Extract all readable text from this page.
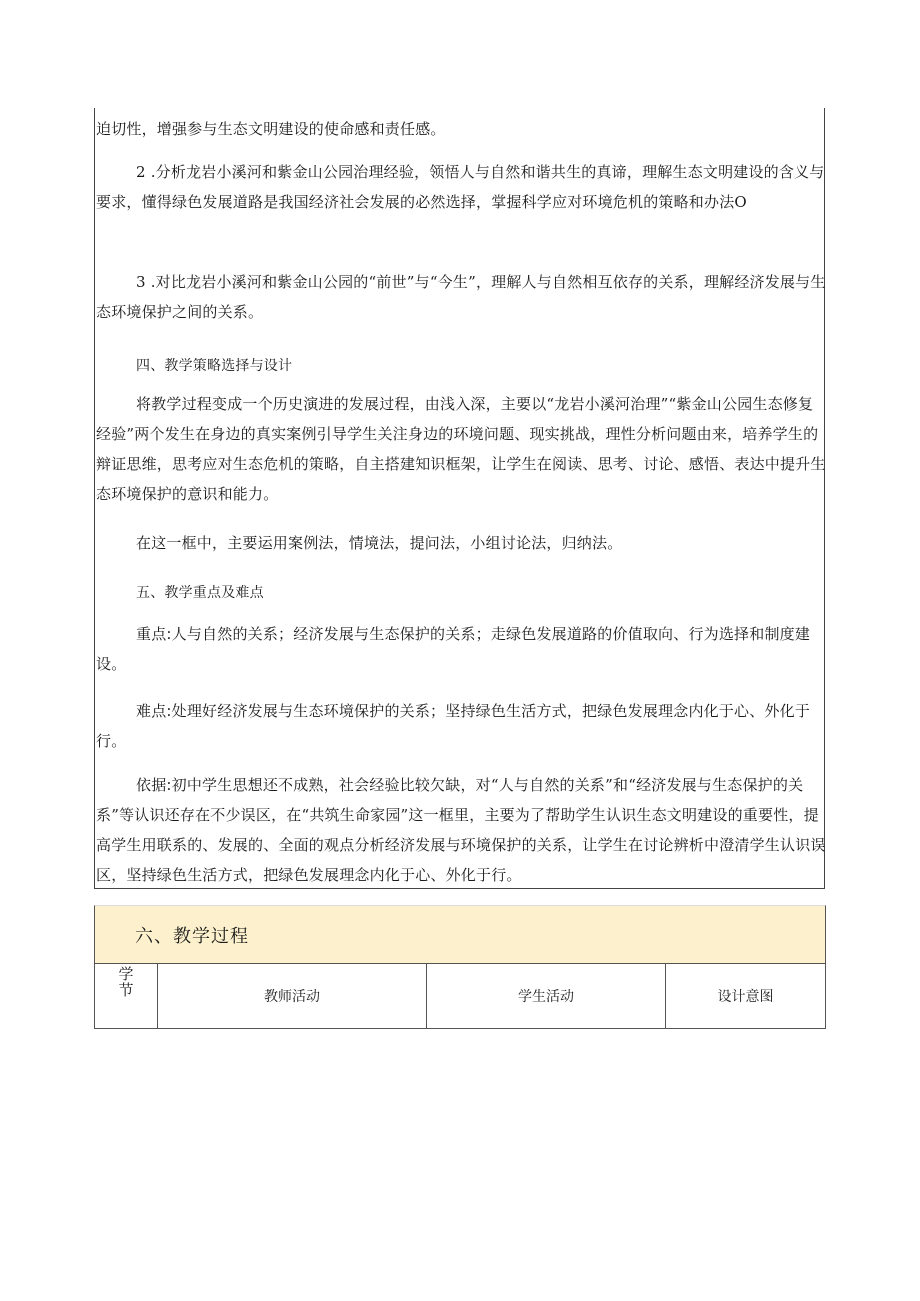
迫切性，增强参与生态文明建设的使命感和责任感。

2 .分析龙岩小溪河和紫金山公园治理经验，领悟人与自然和谐共生的真谛，理解生态文明建设的含义与要求，懂得绿色发展道路是我国经济社会发展的必然选择，掌握科学应对环境危机的策略和办法O

3 .对比龙岩小溪河和紫金山公园的“前世”与“今生”，理解人与自然相互依存的关系，理解经济发展与生态环境保护之间的关系。

四、教学策略选择与设计

将教学过程变成一个历史演进的发展过程，由浅入深，主要以“龙岩小溪河治理”“紫金山公园生态修复经验”两个发生在身边的真实案例引导学生关注身边的环境问题、现实挑战，理性分析问题由来，培养学生的辩证思维，思考应对生态危机的策略，自主搭建知识框架，让学生在阅读、思考、讨论、感悟、表达中提升生态环境保护的意识和能力。

在这一框中，主要运用案例法，情境法，提问法，小组讨论法，归纳法。

五、教学重点及难点

重点:人与自然的关系；经济发展与生态保护的关系；走绿色发展道路的价值取向、行为选择和制度建设。

难点:处理好经济发展与生态环境保护的关系；坚持绿色生活方式，把绿色发展理念内化于心、外化于行。

依据:初中学生思想还不成熟，社会经验比较欠缺，对“人与自然的关系”和“经济发展与生态保护的关系”等认识还存在不少误区，在“共筑生命家园”这一框里，主要为了帮助学生认识生态文明建设的重要性，提高学生用联系的、发展的、全面的观点分析经济发展与环境保护的关系，让学生在讨论辨析中澄清学生认识误区，坚持绿色生活方式，把绿色发展理念内化于心、外化于行。

六、教学过程
学节	教师活动	学生活动	设计意图
